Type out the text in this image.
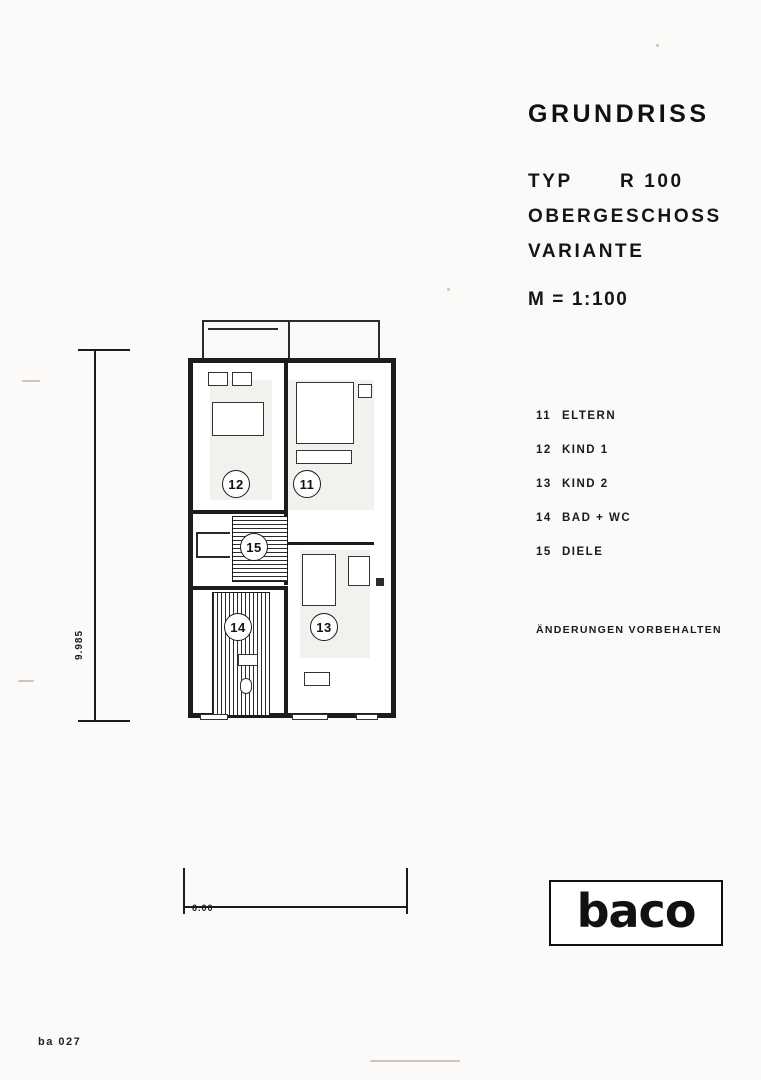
GRUNDRISS
TYP R 100
OBERGESCHOSS
VARIANTE
M = 1:100
11 ELTERN
12 KIND 1
13 KIND 2
14 BAD + WC
15 DIELE
ÄNDERUNGEN VORBEHALTEN
baco
ba 027
9.985
6.00
12	11
15
14	13
